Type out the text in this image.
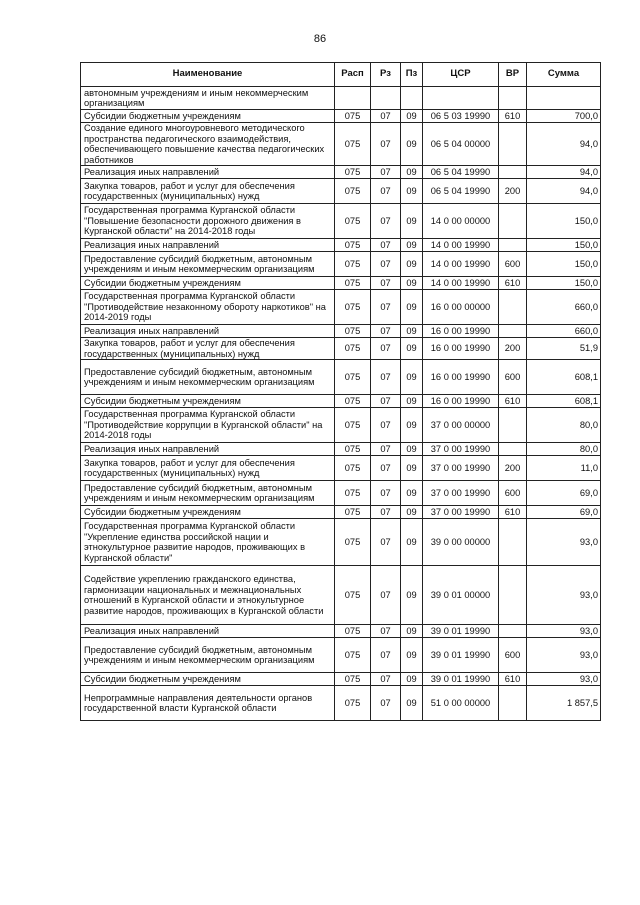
86
Наименование	Расп	Рз	Пз	ЦСР	ВР	Сумма
автономным учреждениям и иным некоммерческим организациям						
Субсидии бюджетным учреждениям	075	07	09	06 5 03 19990	610	700,0
Создание единого многоуровневого методического пространства педагогического взаимодействия, обеспечивающего повышение качества педагогических работников	075	07	09	06 5 04 00000		94,0
Реализация иных направлений	075	07	09	06 5 04 19990		94,0
Закупка товаров, работ и услуг для обеспечения государственных (муниципальных) нужд	075	07	09	06 5 04 19990	200	94,0
Государственная программа Курганской области "Повышение безопасности дорожного движения в Курганской области" на 2014-2018 годы	075	07	09	14 0 00 00000		150,0
Реализация иных направлений	075	07	09	14 0 00 19990		150,0
Предоставление субсидий бюджетным, автономным учреждениям и иным некоммерческим организациям	075	07	09	14 0 00 19990	600	150,0
Субсидии бюджетным учреждениям	075	07	09	14 0 00 19990	610	150,0
Государственная программа Курганской области "Противодействие незаконному обороту наркотиков" на 2014-2019 годы	075	07	09	16 0 00 00000		660,0
Реализация иных направлений	075	07	09	16 0 00 19990		660,0
Закупка товаров, работ и услуг для обеспечения государственных (муниципальных) нужд	075	07	09	16 0 00 19990	200	51,9
Предоставление субсидий бюджетным, автономным учреждениям и иным некоммерческим организациям	075	07	09	16 0 00 19990	600	608,1
Субсидии бюджетным учреждениям	075	07	09	16 0 00 19990	610	608,1
Государственная программа Курганской области "Противодействие коррупции в Курганской области" на 2014-2018 годы	075	07	09	37 0 00 00000		80,0
Реализация иных направлений	075	07	09	37 0 00 19990		80,0
Закупка товаров, работ и услуг для обеспечения государственных (муниципальных) нужд	075	07	09	37 0 00 19990	200	11,0
Предоставление субсидий бюджетным, автономным учреждениям и иным некоммерческим организациям	075	07	09	37 0 00 19990	600	69,0
Субсидии бюджетным учреждениям	075	07	09	37 0 00 19990	610	69,0
Государственная программа Курганской области "Укрепление единства российской нации и этнокультурное развитие народов, проживающих в Курганской области"	075	07	09	39 0 00 00000		93,0
Содействие укреплению гражданского единства, гармонизации национальных и межнациональных отношений в Курганской области и этнокультурное развитие народов, проживающих в Курганской области	075	07	09	39 0 01 00000		93,0
Реализация иных направлений	075	07	09	39 0 01 19990		93,0
Предоставление субсидий бюджетным, автономным учреждениям и иным некоммерческим организациям	075	07	09	39 0 01 19990	600	93,0
Субсидии бюджетным учреждениям	075	07	09	39 0 01 19990	610	93,0
Непрограммные направления деятельности органов государственной власти Курганской области	075	07	09	51 0 00 00000		1 857,5
